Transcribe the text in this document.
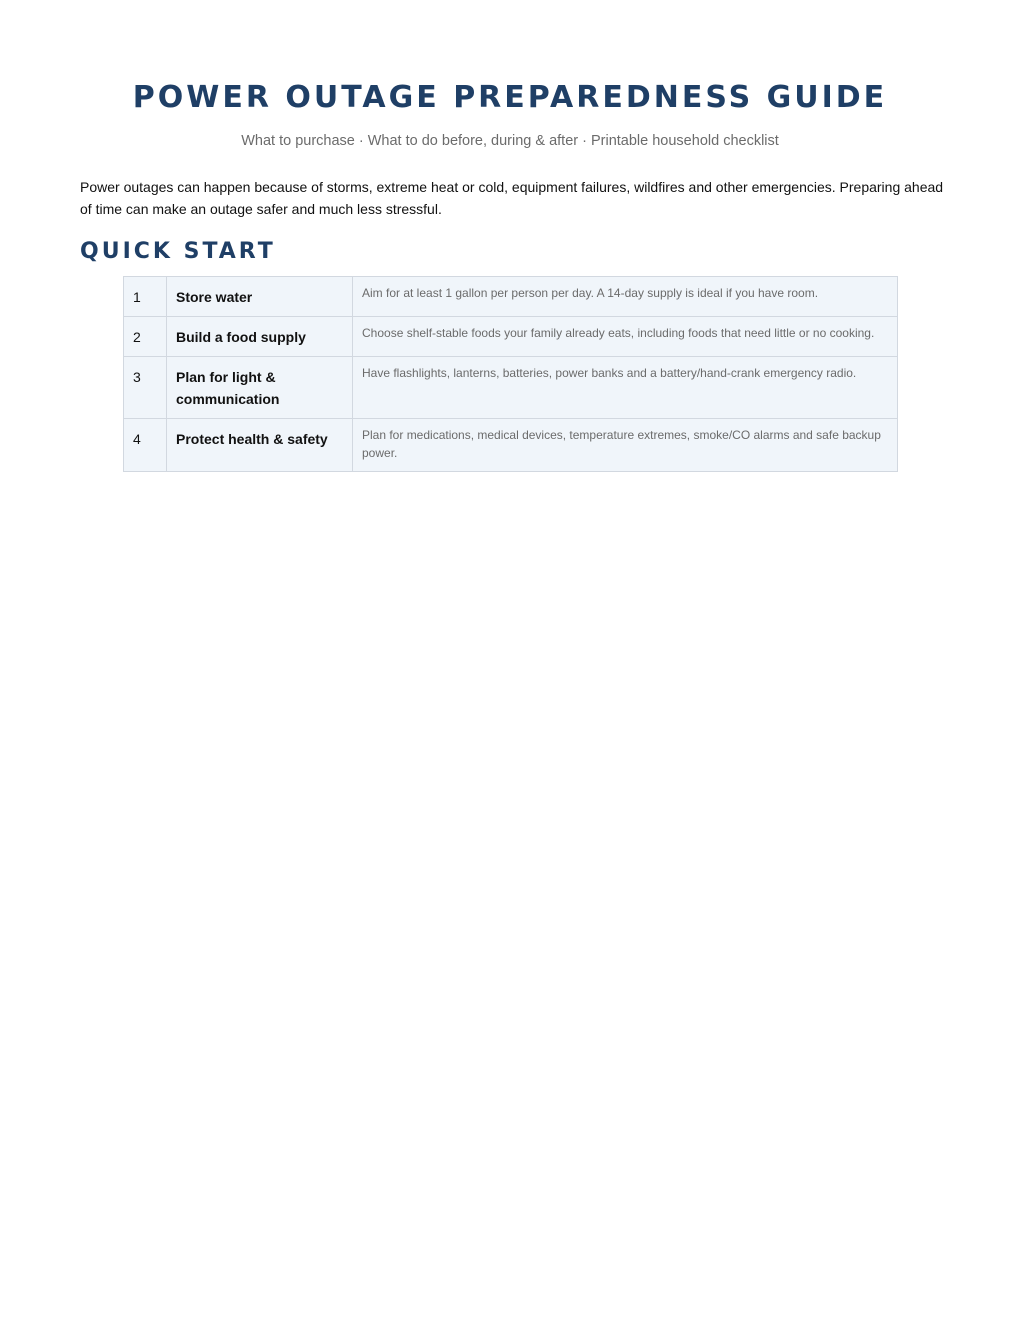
POWER OUTAGE PREPAREDNESS GUIDE

What to purchase · What to do before, during & after · Printable household checklist

Power outages can happen because of storms, extreme heat or cold, equipment failures, wildfires and other emergencies. Preparing ahead of time can make an outage safer and much less stressful.

QUICK START
1	Store water	Aim for at least 1 gallon per person per day. A 14-day supply is ideal if you have room.
2	Build a food supply	Choose shelf-stable foods your family already eats, including foods that need little or no cooking.
3	Plan for light & communication	Have flashlights, lanterns, batteries, power banks and a battery/hand-crank emergency radio.
4	Protect health & safety	Plan for medications, medical devices, temperature extremes, smoke/CO alarms and safe backup power.
